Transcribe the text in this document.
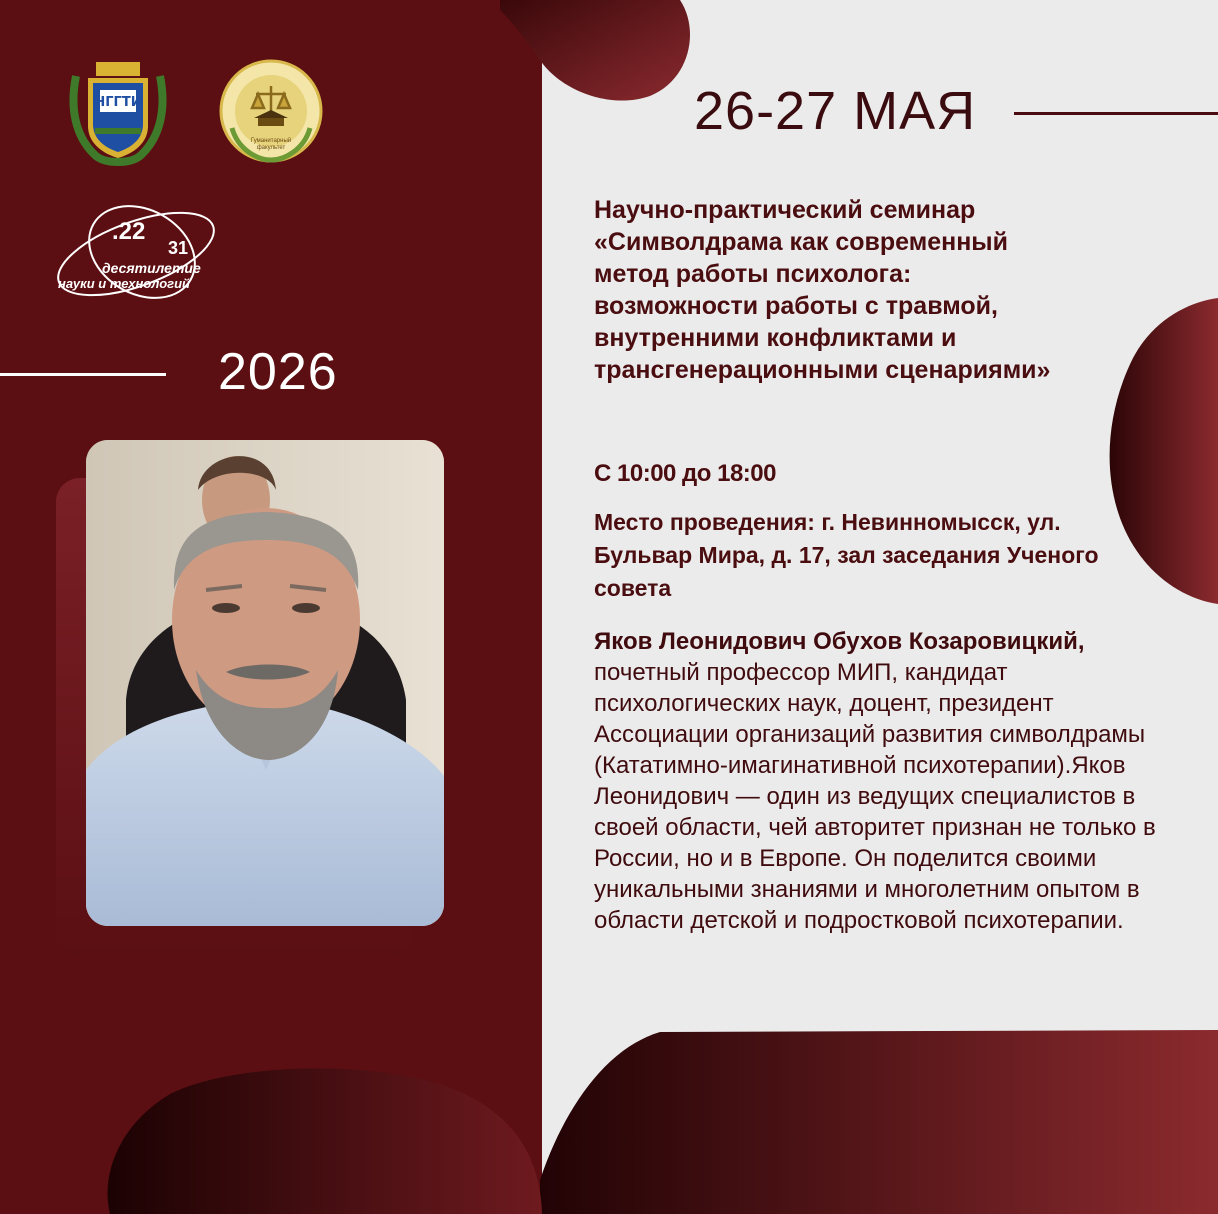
НГГТИ
Гуманитарный факультет
.22
31
десятилетие
науки и технологий
2026
26-27 МАЯ

Научно-практический семинар «Символдрама как современный метод работы психолога: возможности работы с травмой, внутренними конфликтами и трансгенерационными сценариями»

С 10:00 до 18:00
Место проведения: г. Невинномысск, ул. Бульвар Мира, д. 17, зал заседания Ученого совета

Яков Леонидович Обухов Козаровицкий, почетный профессор МИП, кандидат психологических наук, доцент, президент Ассоциации организаций развития символдрамы (Кататимно-имагинативной психотерапии).Яков Леонидович — один из ведущих специалистов в своей области, чей авторитет признан не только в России, но и в Европе. Он поделится своими уникальными знаниями и многолетним опытом в области детской и подростковой психотерапии.
